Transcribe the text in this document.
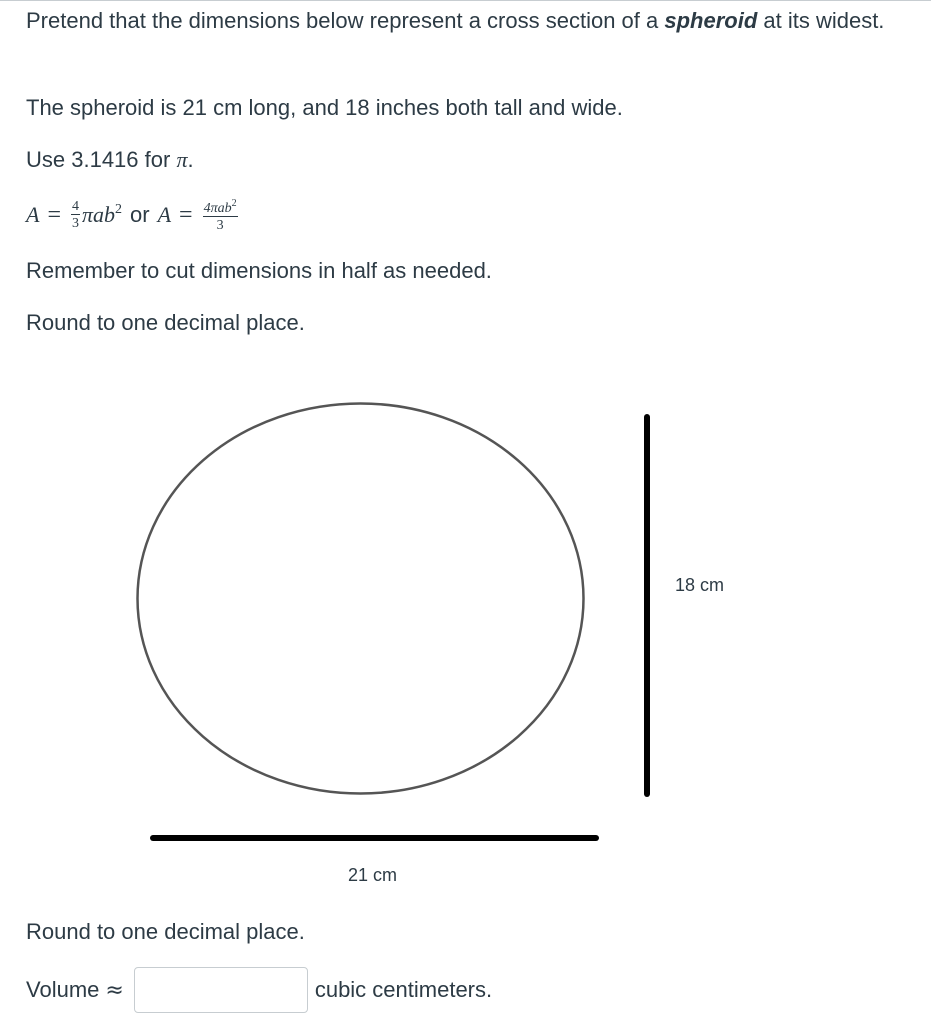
Pretend that the dimensions below represent a cross section of a spheroid at its widest.

The spheroid is 21 cm long, and 18 inches both tall and wide.

Use 3.1416 for π.

$A = \frac{4}{3} \pi ab^2$ or $A = \frac{4\pi ab^2}{3}$

Remember to cut dimensions in half as needed.

Round to one decimal place.

18 cm
21 cm

Round to one decimal place.

Volume ≈	cubic centimeters.
